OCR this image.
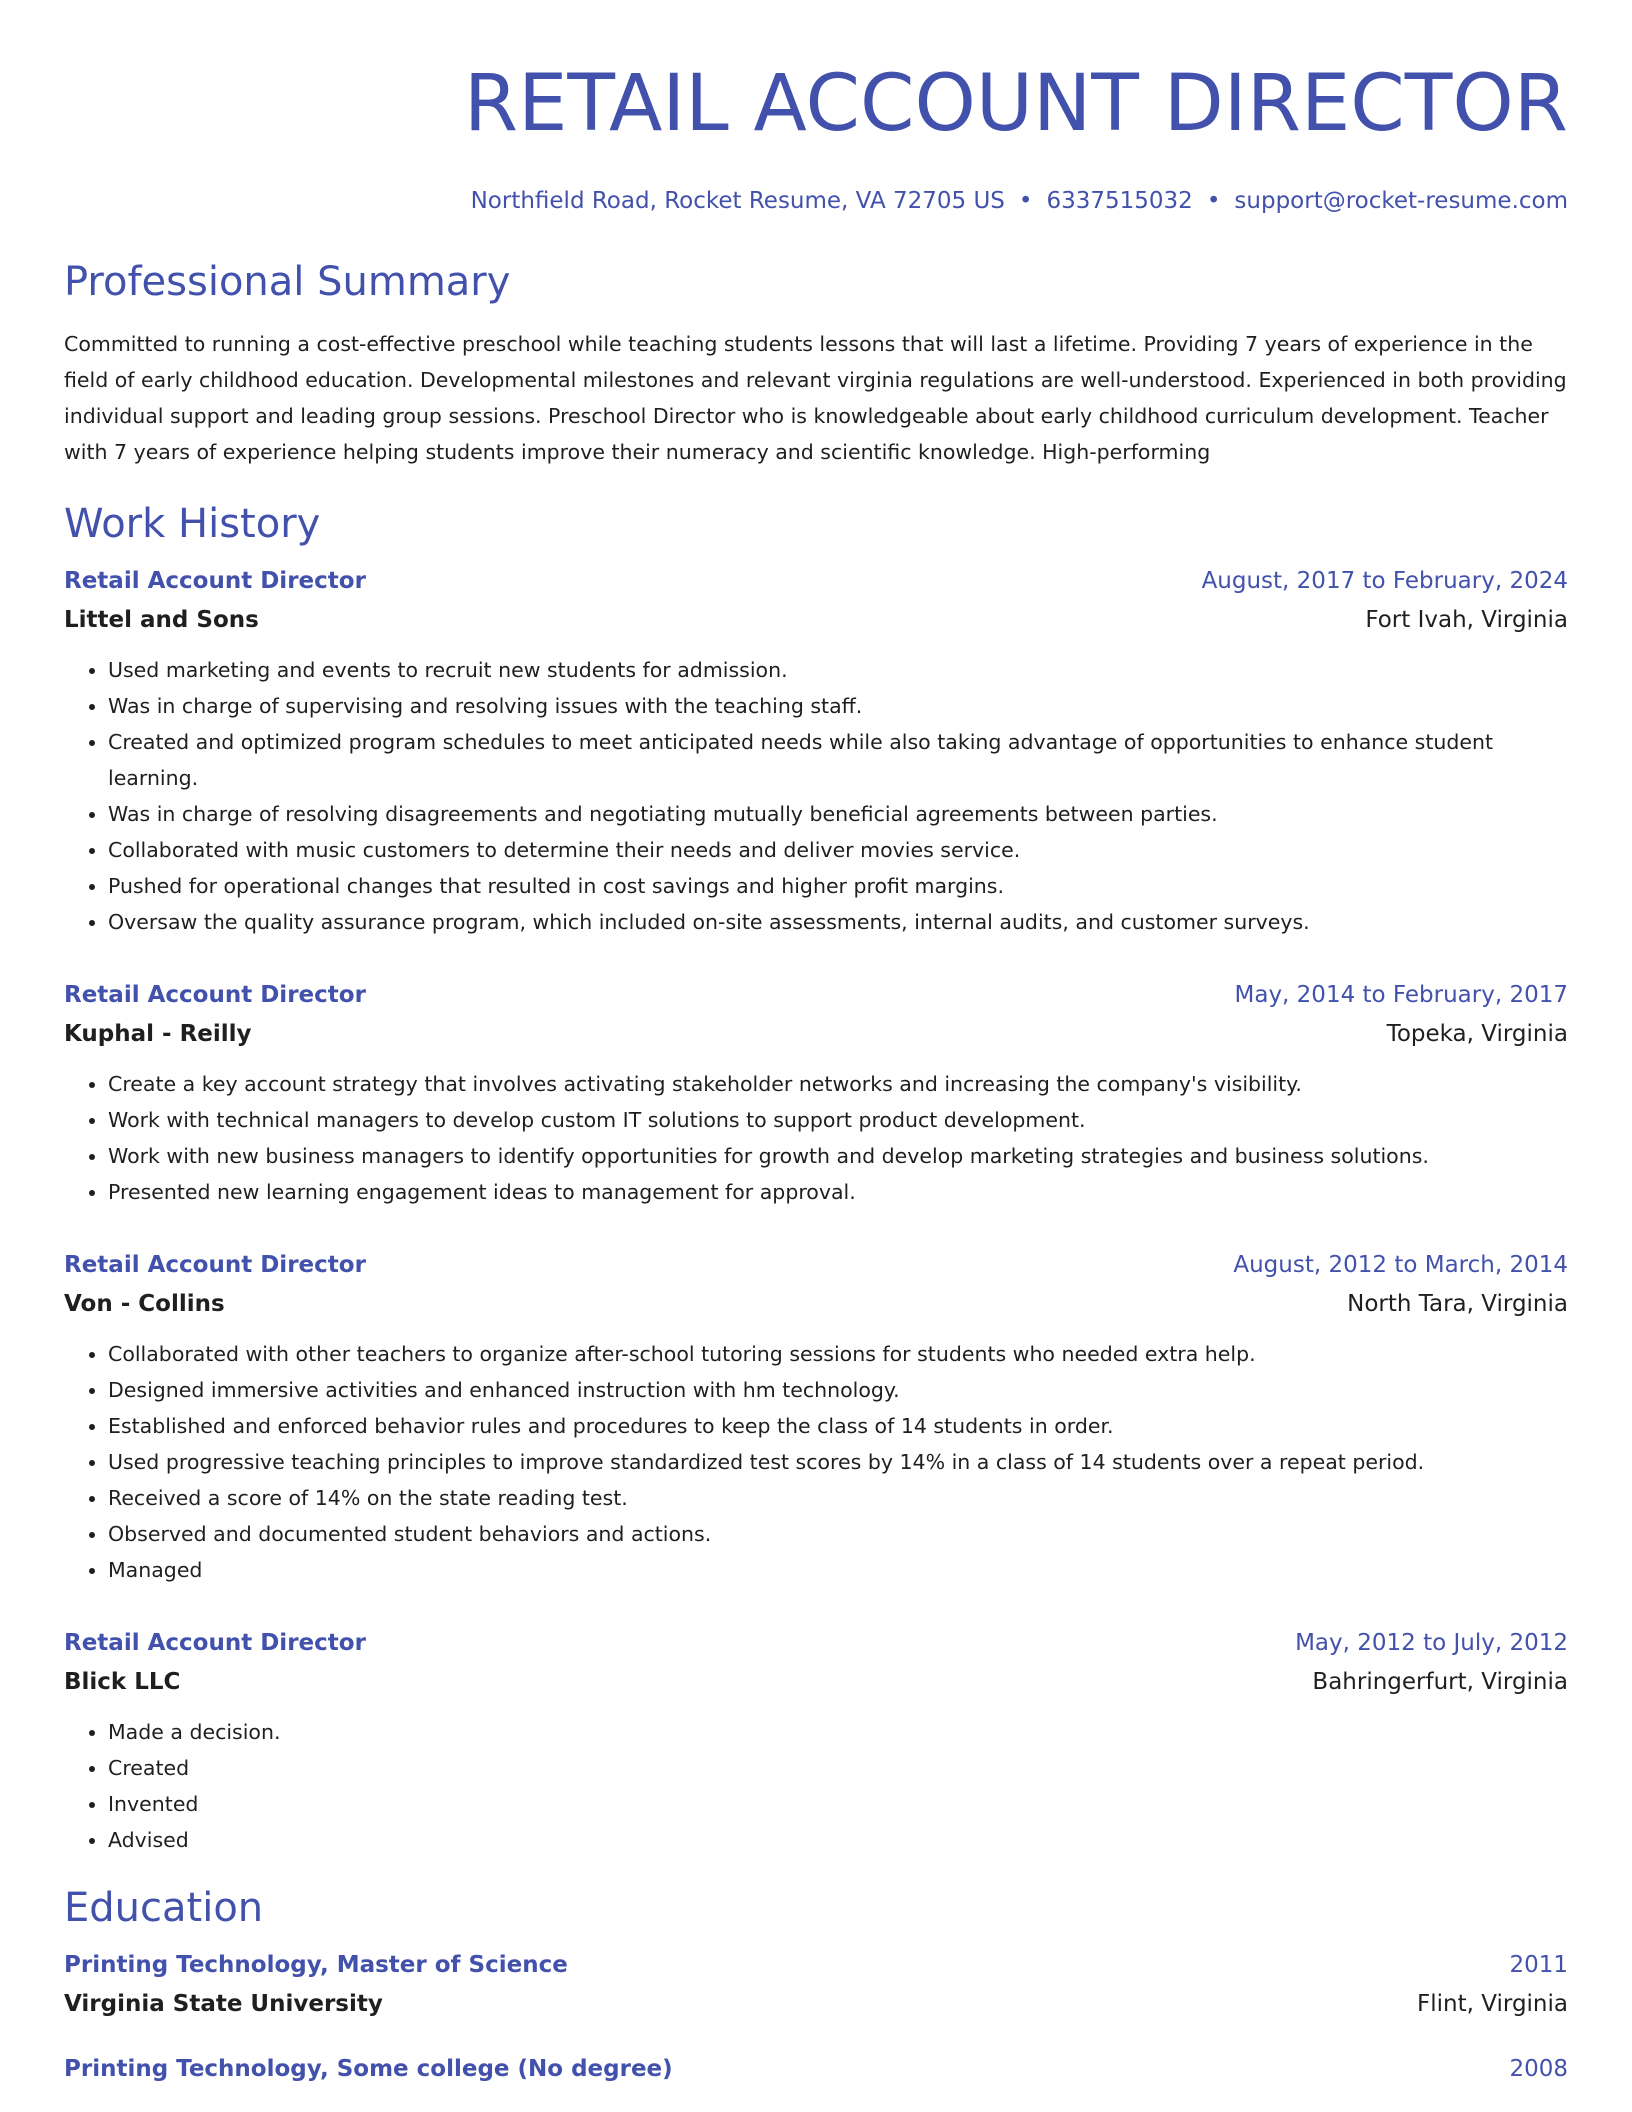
RETAIL ACCOUNT DIRECTOR
Northfield Road, Rocket Resume, VA 72705 US • 6337515032 • support@rocket-resume.com
Professional Summary
Committed to running a cost-effective preschool while teaching students lessons that will last a lifetime. Providing 7 years of experience in the field of early childhood education. Developmental milestones and relevant virginia regulations are well-understood. Experienced in both providing individual support and leading group sessions. Preschool Director who is knowledgeable about early childhood curriculum development. Teacher with 7 years of experience helping students improve their numeracy and scientific knowledge. High-performing
Work History
Retail Account Director	August, 2017 to February, 2024
Littel and Sons	Fort Ivah, Virginia
• Used marketing and events to recruit new students for admission.
• Was in charge of supervising and resolving issues with the teaching staff.
• Created and optimized program schedules to meet anticipated needs while also taking advantage of opportunities to enhance student learning.
• Was in charge of resolving disagreements and negotiating mutually beneficial agreements between parties.
• Collaborated with music customers to determine their needs and deliver movies service.
• Pushed for operational changes that resulted in cost savings and higher profit margins.
• Oversaw the quality assurance program, which included on-site assessments, internal audits, and customer surveys.
Retail Account Director	May, 2014 to February, 2017
Kuphal - Reilly	Topeka, Virginia
• Create a key account strategy that involves activating stakeholder networks and increasing the company's visibility.
• Work with technical managers to develop custom IT solutions to support product development.
• Work with new business managers to identify opportunities for growth and develop marketing strategies and business solutions.
• Presented new learning engagement ideas to management for approval.
Retail Account Director	August, 2012 to March, 2014
Von - Collins	North Tara, Virginia
• Collaborated with other teachers to organize after-school tutoring sessions for students who needed extra help.
• Designed immersive activities and enhanced instruction with hm technology.
• Established and enforced behavior rules and procedures to keep the class of 14 students in order.
• Used progressive teaching principles to improve standardized test scores by 14% in a class of 14 students over a repeat period.
• Received a score of 14% on the state reading test.
• Observed and documented student behaviors and actions.
• Managed
Retail Account Director	May, 2012 to July, 2012
Blick LLC	Bahringerfurt, Virginia
• Made a decision.
• Created
• Invented
• Advised
Education
Printing Technology, Master of Science	2011
Virginia State University	Flint, Virginia
Printing Technology, Some college (No degree)	2008
